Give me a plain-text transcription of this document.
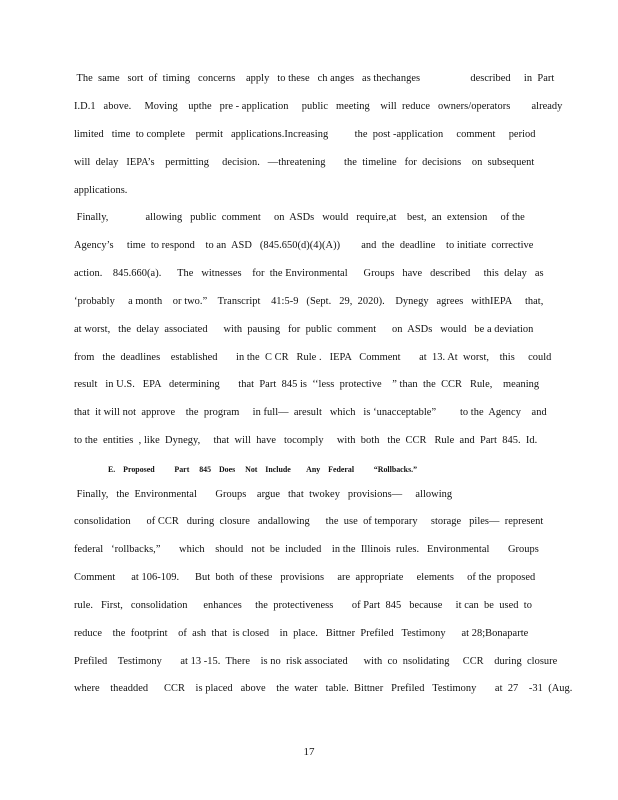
The  same   sort  of  timing   concerns    apply   to these   ch anges   as thechanges                   described     in  Part
I.D.1   above.     Moving    upthe   pre - application     public   meeting    will  reduce   owners/operators        already
limited   time  to complete    permit   applications.Increasing          the  post -application     comment     period
will  delay   IEPA’s    permitting     decision.   —threatening       the  timeline   for  decisions    on  subsequent
applications.
Finally,              allowing   public  comment     on  ASDs   would   require,at    best,  an  extension     of the
Agency’s     time  to respond    to an  ASD   (845.650(d)(4)(A))        and  the  deadline    to initiate  corrective
action.    845.660(a).      The   witnesses    for  the Environmental      Groups   have   described     this  delay   as
‘probably     a month    or two.”    Transcript    41:5-9   (Sept.   29,  2020).    Dynegy   agrees   withIEPA     that,
at worst,   the  delay  associated      with  pausing   for  public  comment      on  ASDs   would   be a deviation
from   the  deadlines    established       in the  C CR   Rule .   IEPA   Comment       at  13. At  worst,    this     could
result   in U.S.   EPA   determining       that  Part  845 is  ‘‘less  protective    ” than  the  CCR   Rule,    meaning
that  it will not  approve    the  program     in full—  aresult   which   is ‘unacceptable”         to the  Agency    and
to the  entities  , like  Dynegy,     that  will  have   tocomply     with  both   the  CCR   Rule  and  Part  845.  Id.
E.    Proposed          Part     845    Does     Not    Include        Any    Federal          “Rollbacks.”
Finally,   the  Environmental       Groups    argue   that  twokey   provisions—     allowing
consolidation      of CCR   during  closure   andallowing      the  use  of temporary     storage   piles—  represent
federal   ‘rollbacks,”       which    should   not  be  included    in the  Illinois  rules.   Environmental       Groups
Comment      at 106-109.      But  both  of these   provisions     are  appropriate     elements     of the  proposed
rule.   First,   consolidation      enhances     the  protectiveness       of Part  845   because     it can  be  used  to
reduce    the  footprint    of  ash  that  is closed    in  place.   Bittner  Prefiled   Testimony      at 28;Bonaparte
Prefiled    Testimony       at 13 -15.  There    is no  risk associated      with  co  nsolidating     CCR    during  closure
where    theadded      CCR    is placed   above    the  water   table.  Bittner   Prefiled   Testimony       at  27    -31  (Aug.
17
